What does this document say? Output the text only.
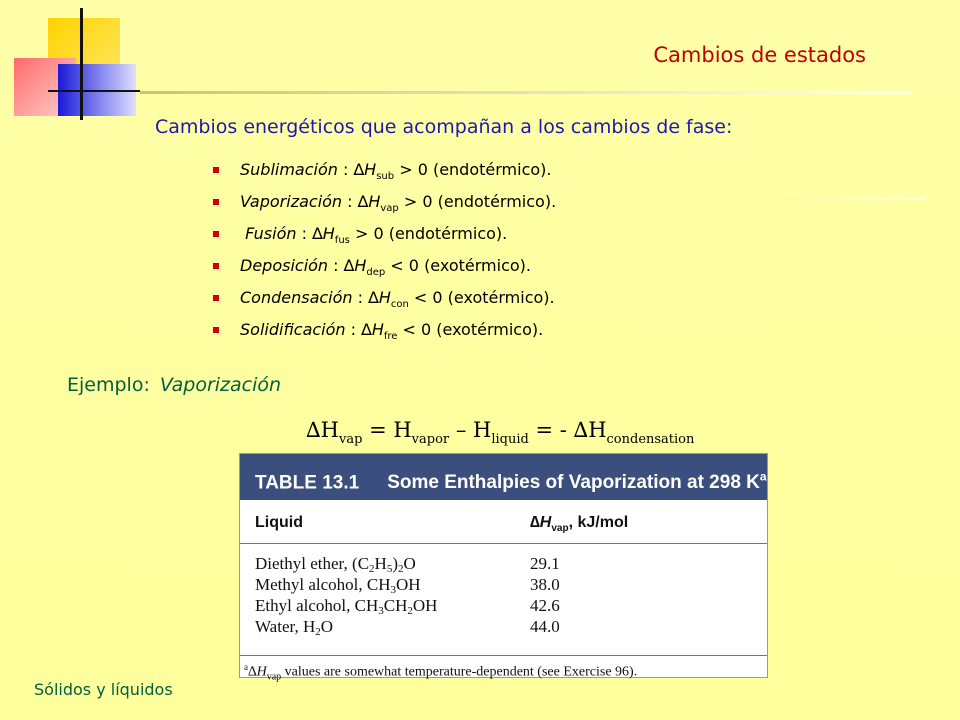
Cambios de estados
Cambios energéticos que acompañan a los cambios de fase:
Sublimación : $\Delta H_{sub} > 0$ (endotérmico).
Vaporización : $\Delta H_{vap} > 0$ (endotérmico).
Fusión : $\Delta H_{fus} > 0$ (endotérmico).
Deposición : $\Delta H_{dep} < 0$ (exotérmico).
Condensación : $\Delta H_{con} < 0$ (exotérmico).
Solidificación : $\Delta H_{fre} < 0$ (exotérmico).
Ejemplo: Vaporización
$\Delta H_{vap} = H_{vapor} - H_{liquid}$ = - $\Delta H_{condensation}$
TABLE 13.1 Some Enthalpies of Vaporization at 298 $K^a$
Liquid	$\Delta H_{vap}$, kJ/mol
Diethyl ether, $(C_2H_5)_2O$	29.1
Methyl alcohol, $CH_3OH$	38.0
Ethyl alcohol, $CH_3CH_2OH$	42.6
Water, $H_2O$	44.0
$^a\Delta H_{vap}$ values are somewhat temperature-dependent (see Exercise 96).
Sólidos y líquidos
